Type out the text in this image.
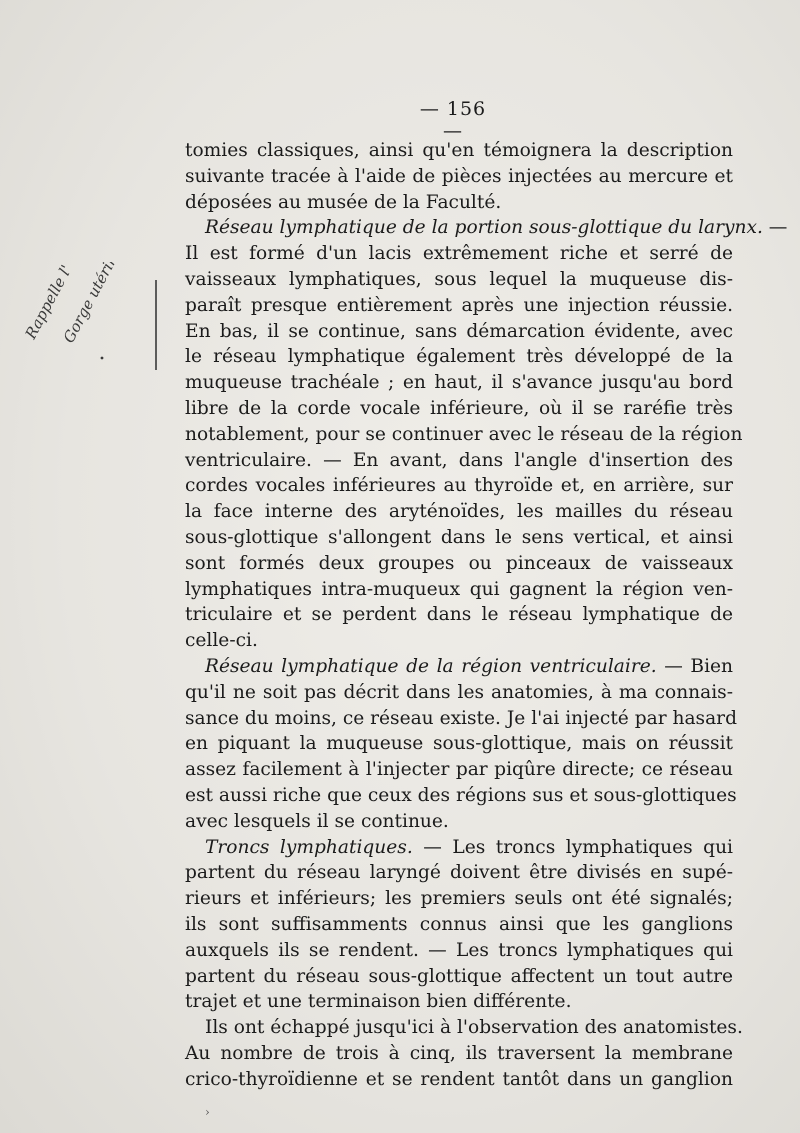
— 156 —
Rappelle l'
Gorge utérine
tomies classiques, ainsi qu'en témoignera la description
suivante tracée à l'aide de pièces injectées au mercure et
déposées au musée de la Faculté.
Réseau lymphatique de la portion sous-glottique du larynx. —
Il est formé d'un lacis extrêmement riche et serré de
vaisseaux lymphatiques, sous lequel la muqueuse dis-
paraît presque entièrement après une injection réussie.
En bas, il se continue, sans démarcation évidente, avec
le réseau lymphatique également très développé de la
muqueuse trachéale ; en haut, il s'avance jusqu'au bord
libre de la corde vocale inférieure, où il se raréfie très
notablement, pour se continuer avec le réseau de la région
ventriculaire. — En avant, dans l'angle d'insertion des
cordes vocales inférieures au thyroïde et, en arrière, sur
la face interne des aryténoïdes, les mailles du réseau
sous-glottique s'allongent dans le sens vertical, et ainsi
sont formés deux groupes ou pinceaux de vaisseaux
lymphatiques intra-muqueux qui gagnent la région ven-
triculaire et se perdent dans le réseau lymphatique de
celle-ci.
Réseau lymphatique de la région ventriculaire. — Bien
qu'il ne soit pas décrit dans les anatomies, à ma connais-
sance du moins, ce réseau existe. Je l'ai injecté par hasard
en piquant la muqueuse sous-glottique, mais on réussit
assez facilement à l'injecter par piqûre directe; ce réseau
est aussi riche que ceux des régions sus et sous-glottiques
avec lesquels il se continue.
Troncs lymphatiques. — Les troncs lymphatiques qui
partent du réseau laryngé doivent être divisés en supé-
rieurs et inférieurs; les premiers seuls ont été signalés;
ils sont suffisamments connus ainsi que les ganglions
auxquels ils se rendent. — Les troncs lymphatiques qui
partent du réseau sous-glottique affectent un tout autre
trajet et une terminaison bien différente.
Ils ont échappé jusqu'ici à l'observation des anatomistes.
Au nombre de trois à cinq, ils traversent la membrane
crico-thyroïdienne et se rendent tantôt dans un ganglion
›
